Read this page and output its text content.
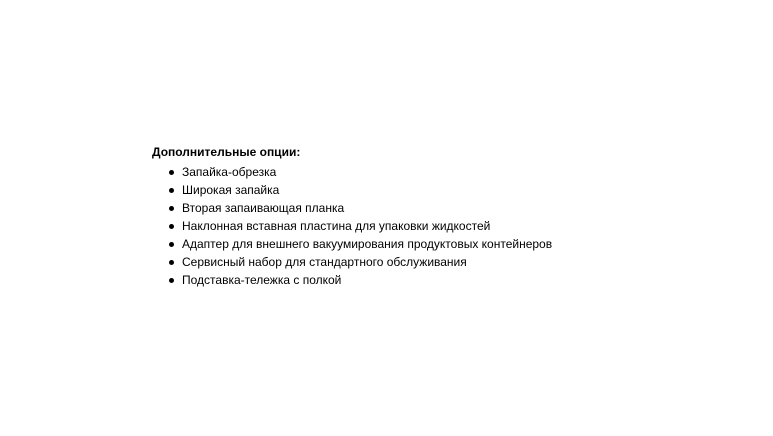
Дополнительные опции:
Запайка-обрезка
Широкая запайка
Вторая запаивающая планка
Наклонная вставная пластина для упаковки жидкостей
Адаптер для внешнего вакуумирования продуктовых контейнеров
Сервисный набор для стандартного обслуживания
Подставка-тележка с полкой
